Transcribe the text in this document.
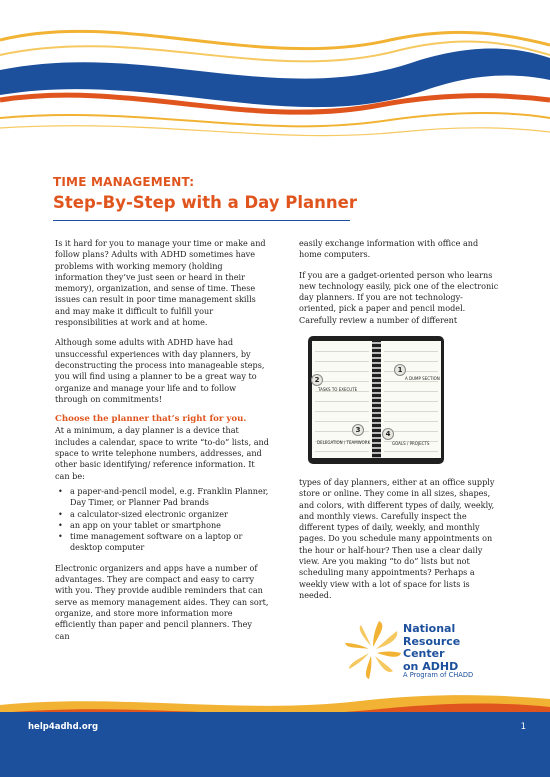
TIME MANAGEMENT:
Step-By-Step with a Day Planner

Is it hard for you to manage your time or make and follow plans? Adults with ADHD sometimes have problems with working memory (holding information they’ve just seen or heard in their memory), organization, and sense of time. These issues can result in poor time management skills and may make it difficult to fulfill your responsibilities at work and at home.

Although some adults with ADHD have had unsuccessful experiences with day planners, by deconstructing the process into manageable steps, you will find using a planner to be a great way to organize and manage your life and to follow through on commitments!

Choose the planner that’s right for you.

At a minimum, a day planner is a device that includes a calendar, space to write “to-do” lists, and space to write telephone numbers, addresses, and other basic identifying/ reference information. It can be:

• a paper-and-pencil model, e.g. Franklin Planner, Day Timer, or Planner Pad brands
• a calculator-sized electronic organizer
• an app on your tablet or smartphone
• time management software on a laptop or desktop computer

Electronic organizers and apps have a number of advantages. They are compact and easy to carry with you. They provide audible reminders that can serve as memory management aides. They can sort, organize, and store more information more efficiently than paper and pencil planners. They can

easily exchange information with office and home computers.

If you are a gadget-oriented person who learns new technology easily, pick one of the electronic day planners. If you are not technology-oriented, pick a paper and pencil model. Carefully review a number of different

types of day planners, either at an office supply store or online. They come in all sizes, shapes, and colors, with different types of daily, weekly, and monthly views. Carefully inspect the different types of daily, weekly, and monthly pages. Do you schedule many appointments on the hour or half-hour? Then use a clear daily view. Are you making “to do” lists but not scheduling many appointments? Perhaps a weekly view with a lot of space for lists is needed.

1
A DUMP SECTION
2
TASKS TO EXECUTE
3
DELEGATION / TEAMWORK
4
GOALS / PROJECTS
National
Resource
Center
on ADHD
A Program of CHADD
help4adhd.org	1
